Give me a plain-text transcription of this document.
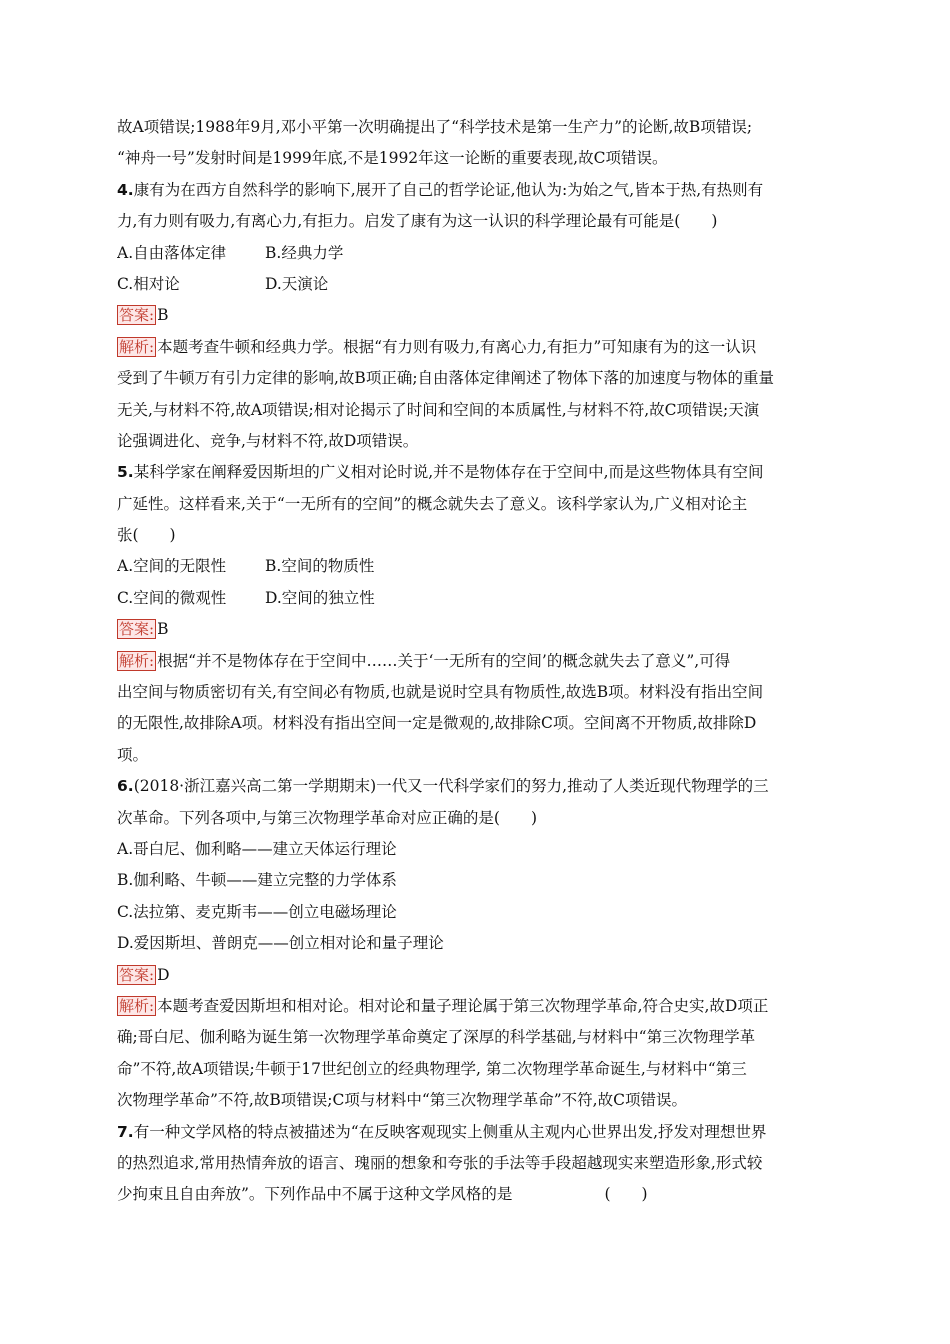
故A项错误;1988年9月,邓小平第一次明确提出了“科学技术是第一生产力”的论断,故B项错误;
“神舟一号”发射时间是1999年底,不是1992年这一论断的重要表现,故C项错误。
4.康有为在西方自然科学的影响下,展开了自己的哲学论证,他认为:为始之气,皆本于热,有热则有
力,有力则有吸力,有离心力,有拒力。启发了康有为这一认识的科学理论最有可能是(　　)
A.自由落体定律	B.经典力学
C.相对论	D.天演论
答案: B
解析: 本题考查牛顿和经典力学。根据“有力则有吸力,有离心力,有拒力”可知康有为的这一认识
受到了牛顿万有引力定律的影响,故B项正确;自由落体定律阐述了物体下落的加速度与物体的重量
无关,与材料不符,故A项错误;相对论揭示了时间和空间的本质属性,与材料不符,故C项错误;天演
论强调进化、竞争,与材料不符,故D项错误。
5.某科学家在阐释爱因斯坦的广义相对论时说,并不是物体存在于空间中,而是这些物体具有空间
广延性。这样看来,关于“一无所有的空间”的概念就失去了意义。该科学家认为,广义相对论主
张(　　)
A.空间的无限性	B.空间的物质性
C.空间的微观性	D.空间的独立性
答案: B
解析: 根据“并不是物体存在于空间中……关于‘一无所有的空间’的概念就失去了意义”,可得
出空间与物质密切有关,有空间必有物质,也就是说时空具有物质性,故选B项。材料没有指出空间
的无限性,故排除A项。材料没有指出空间一定是微观的,故排除C项。空间离不开物质,故排除D
项。
6.(2018·浙江嘉兴高二第一学期期末)一代又一代科学家们的努力,推动了人类近现代物理学的三
次革命。下列各项中,与第三次物理学革命对应正确的是(　　)
A.哥白尼、伽利略——建立天体运行理论
B.伽利略、牛顿——建立完整的力学体系
C.法拉第、麦克斯韦——创立电磁场理论
D.爱因斯坦、普朗克——创立相对论和量子理论
答案: D
解析: 本题考查爱因斯坦和相对论。相对论和量子理论属于第三次物理学革命,符合史实,故D项正
确;哥白尼、伽利略为诞生第一次物理学革命奠定了深厚的科学基础,与材料中“第三次物理学革
命”不符,故A项错误;牛顿于17世纪创立的经典物理学, 第二次物理学革命诞生,与材料中“第三
次物理学革命”不符,故B项错误;C项与材料中“第三次物理学革命”不符,故C项错误。
7.有一种文学风格的特点被描述为“在反映客观现实上侧重从主观内心世界出发,抒发对理想世界
的热烈追求,常用热情奔放的语言、瑰丽的想象和夸张的手法等手段超越现实来塑造形象,形式较
少拘束且自由奔放”。下列作品中不属于这种文学风格的是	(　　)
